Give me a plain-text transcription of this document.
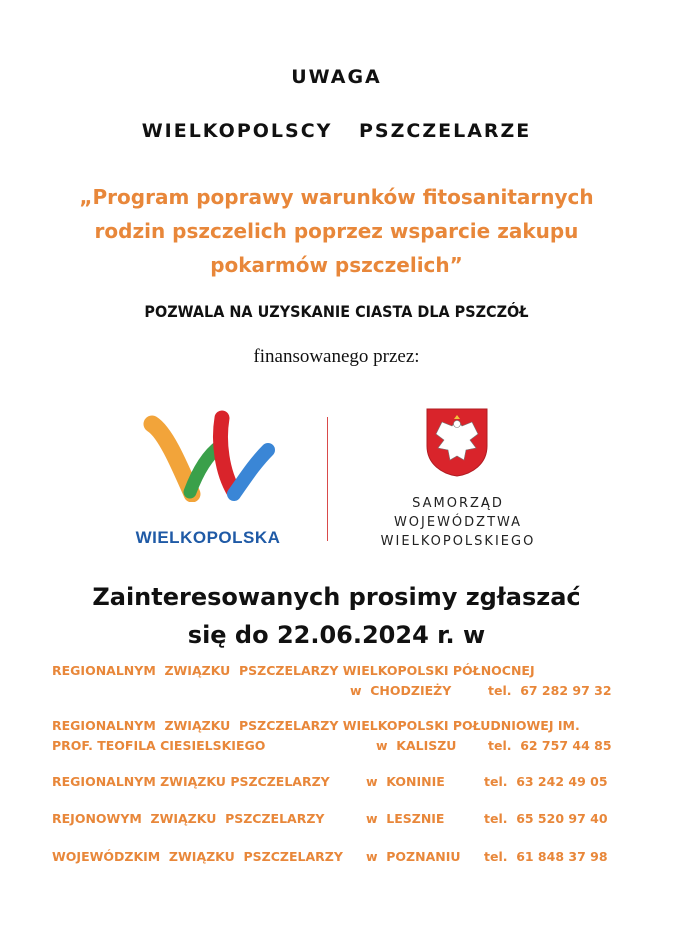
UWAGA
WIELKOPOLSCY PSZCZELARZE
„Program poprawy warunków fitosanitarnych
rodzin pszczelich poprzez wsparcie zakupu
pokarmów pszczelich”
POZWALA NA UZYSKANIE CIASTA DLA PSZCZÓŁ
finansowanego przez:
WIELKOPOLSKA
SAMORZĄD
WOJEWÓDZTWA
WIELKOPOLSKIEGO
Zainteresowanych prosimy zgłaszać
się do 22.06.2024 r. w
REGIONALNYM  ZWIĄZKU  PSZCZELARZY WIELKOPOLSKI PÓŁNOCNEJ
w  CHODZIEŻY	tel.  67 282 97 32
REGIONALNYM  ZWIĄZKU  PSZCZELARZY WIELKOPOLSKI POŁUDNIOWEJ IM.
PROF. TEOFILA CIESIELSKIEGO	w  KALISZU	tel.  62 757 44 85
REGIONALNYM ZWIĄZKU PSZCZELARZY	w  KONINIE	tel.  63 242 49 05
REJONOWYM  ZWIĄZKU  PSZCZELARZY	w  LESZNIE	tel.  65 520 97 40
WOJEWÓDZKIM  ZWIĄZKU  PSZCZELARZY w  POZNANIU tel.  61 848 37 98
